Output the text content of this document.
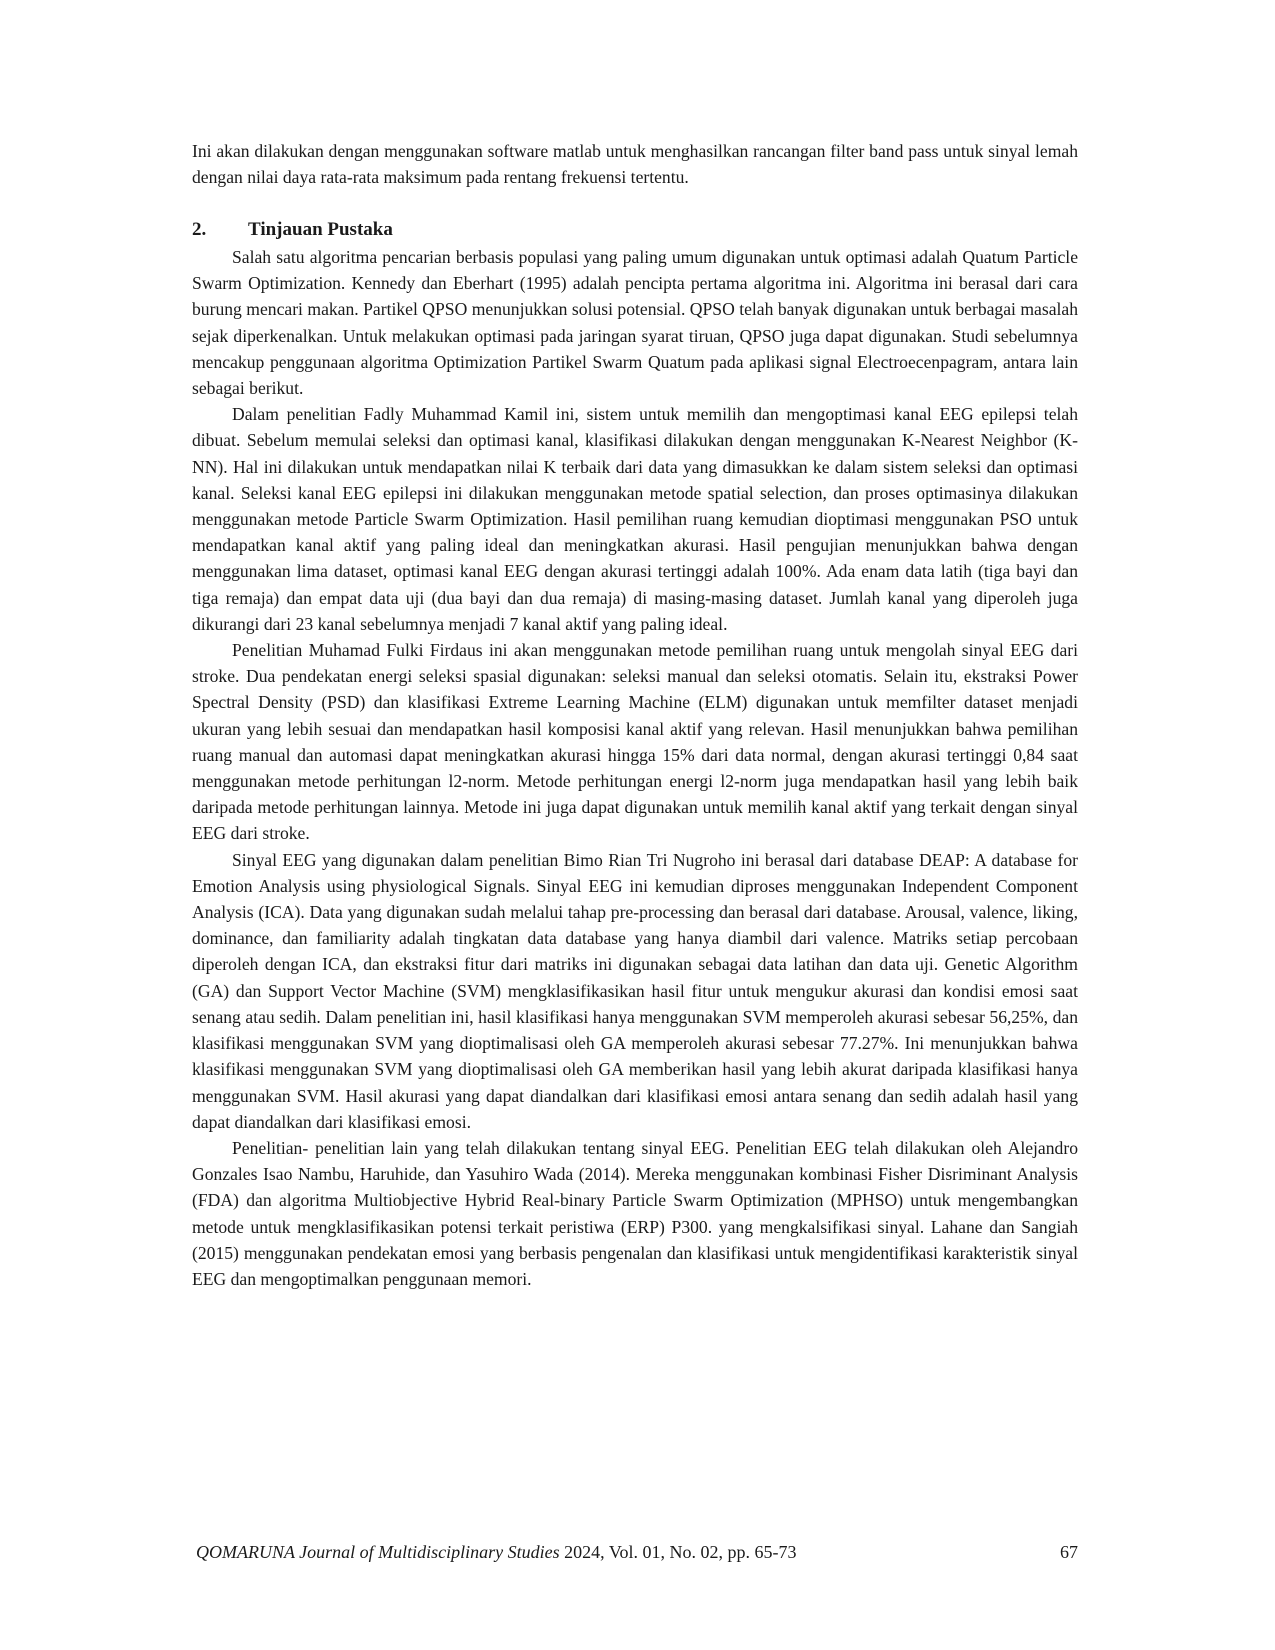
Ini akan dilakukan dengan menggunakan software matlab untuk menghasilkan rancangan filter band pass untuk sinyal lemah dengan nilai daya rata-rata maksimum pada rentang frekuensi tertentu.

2. Tinjauan Pustaka

Salah satu algoritma pencarian berbasis populasi yang paling umum digunakan untuk optimasi adalah Quatum Particle Swarm Optimization. Kennedy dan Eberhart (1995) adalah pencipta pertama algoritma ini. Algoritma ini berasal dari cara burung mencari makan. Partikel QPSO menunjukkan solusi potensial. QPSO telah banyak digunakan untuk berbagai masalah sejak diperkenalkan. Untuk melakukan optimasi pada jaringan syarat tiruan, QPSO juga dapat digunakan. Studi sebelumnya mencakup penggunaan algoritma Optimization Partikel Swarm Quatum pada aplikasi signal Electroecenpagram, antara lain sebagai berikut.

Dalam penelitian Fadly Muhammad Kamil ini, sistem untuk memilih dan mengoptimasi kanal EEG epilepsi telah dibuat. Sebelum memulai seleksi dan optimasi kanal, klasifikasi dilakukan dengan menggunakan K-Nearest Neighbor (K-NN). Hal ini dilakukan untuk mendapatkan nilai K terbaik dari data yang dimasukkan ke dalam sistem seleksi dan optimasi kanal. Seleksi kanal EEG epilepsi ini dilakukan menggunakan metode spatial selection, dan proses optimasinya dilakukan menggunakan metode Particle Swarm Optimization. Hasil pemilihan ruang kemudian dioptimasi menggunakan PSO untuk mendapatkan kanal aktif yang paling ideal dan meningkatkan akurasi. Hasil pengujian menunjukkan bahwa dengan menggunakan lima dataset, optimasi kanal EEG dengan akurasi tertinggi adalah 100%. Ada enam data latih (tiga bayi dan tiga remaja) dan empat data uji (dua bayi dan dua remaja) di masing-masing dataset. Jumlah kanal yang diperoleh juga dikurangi dari 23 kanal sebelumnya menjadi 7 kanal aktif yang paling ideal.

Penelitian Muhamad Fulki Firdaus ini akan menggunakan metode pemilihan ruang untuk mengolah sinyal EEG dari stroke. Dua pendekatan energi seleksi spasial digunakan: seleksi manual dan seleksi otomatis. Selain itu, ekstraksi Power Spectral Density (PSD) dan klasifikasi Extreme Learning Machine (ELM) digunakan untuk memfilter dataset menjadi ukuran yang lebih sesuai dan mendapatkan hasil komposisi kanal aktif yang relevan. Hasil menunjukkan bahwa pemilihan ruang manual dan automasi dapat meningkatkan akurasi hingga 15% dari data normal, dengan akurasi tertinggi 0,84 saat menggunakan metode perhitungan l2-norm. Metode perhitungan energi l2-norm juga mendapatkan hasil yang lebih baik daripada metode perhitungan lainnya. Metode ini juga dapat digunakan untuk memilih kanal aktif yang terkait dengan sinyal EEG dari stroke.

Sinyal EEG yang digunakan dalam penelitian Bimo Rian Tri Nugroho ini berasal dari database DEAP: A database for Emotion Analysis using physiological Signals. Sinyal EEG ini kemudian diproses menggunakan Independent Component Analysis (ICA). Data yang digunakan sudah melalui tahap pre-processing dan berasal dari database. Arousal, valence, liking, dominance, dan familiarity adalah tingkatan data database yang hanya diambil dari valence. Matriks setiap percobaan diperoleh dengan ICA, dan ekstraksi fitur dari matriks ini digunakan sebagai data latihan dan data uji. Genetic Algorithm (GA) dan Support Vector Machine (SVM) mengklasifikasikan hasil fitur untuk mengukur akurasi dan kondisi emosi saat senang atau sedih. Dalam penelitian ini, hasil klasifikasi hanya menggunakan SVM memperoleh akurasi sebesar 56,25%, dan klasifikasi menggunakan SVM yang dioptimalisasi oleh GA memperoleh akurasi sebesar 77.27%. Ini menunjukkan bahwa klasifikasi menggunakan SVM yang dioptimalisasi oleh GA memberikan hasil yang lebih akurat daripada klasifikasi hanya menggunakan SVM. Hasil akurasi yang dapat diandalkan dari klasifikasi emosi antara senang dan sedih adalah hasil yang dapat diandalkan dari klasifikasi emosi.

Penelitian- penelitian lain yang telah dilakukan tentang sinyal EEG. Penelitian EEG telah dilakukan oleh Alejandro Gonzales Isao Nambu, Haruhide, dan Yasuhiro Wada (2014). Mereka menggunakan kombinasi Fisher Disriminant Analysis (FDA) dan algoritma Multiobjective Hybrid Real-binary Particle Swarm Optimization (MPHSO) untuk mengembangkan metode untuk mengklasifikasikan potensi terkait peristiwa (ERP) P300. yang mengkalsifikasi sinyal. Lahane dan Sangiah (2015) menggunakan pendekatan emosi yang berbasis pengenalan dan klasifikasi untuk mengidentifikasi karakteristik sinyal EEG dan mengoptimalkan penggunaan memori.

QOMARUNA Journal of Multidisciplinary Studies 2024, Vol. 01, No. 02, pp. 65-73	67
